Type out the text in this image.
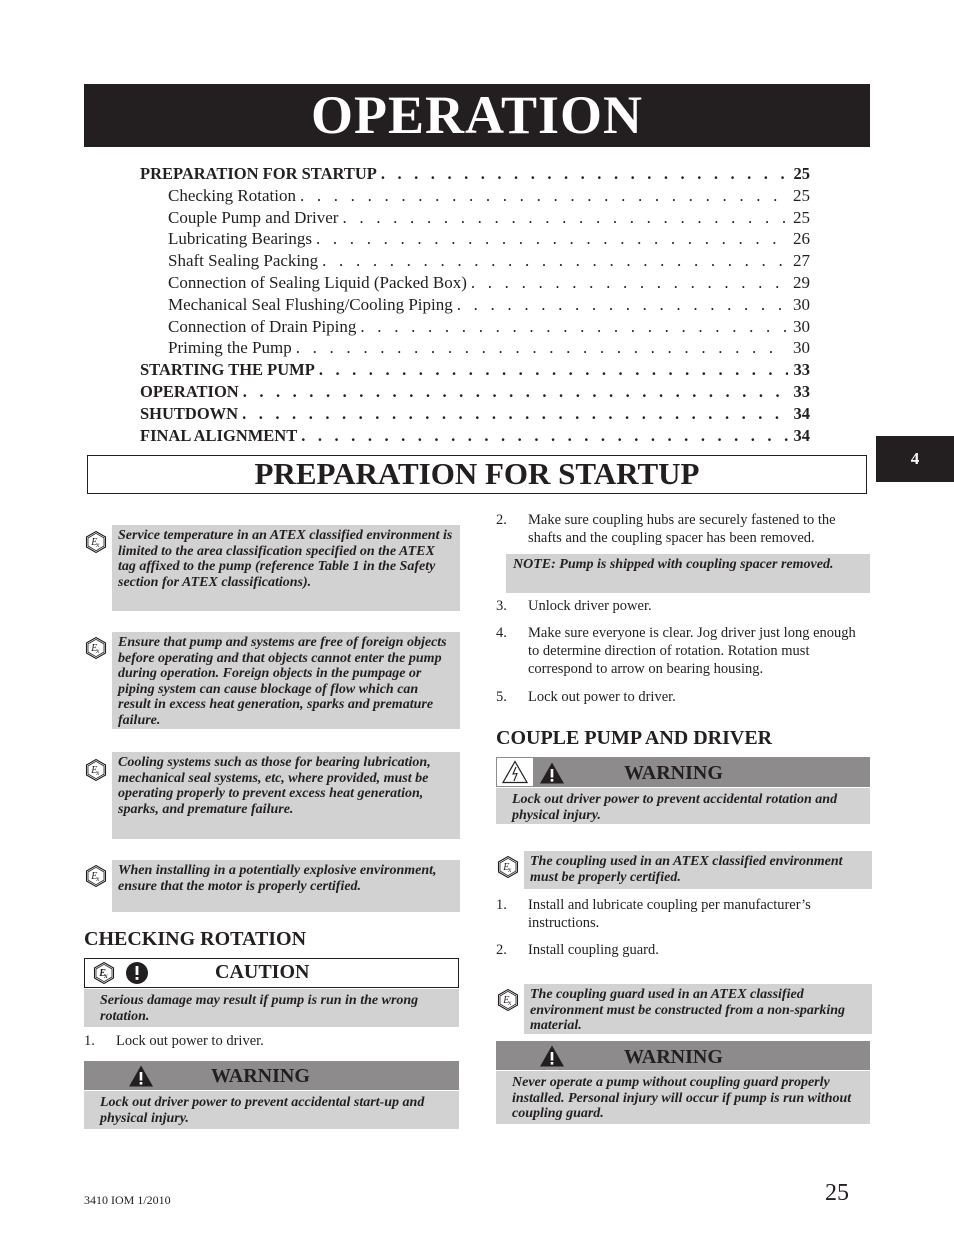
OPERATION
PREPARATION FOR STARTUP . . .	25
Checking Rotation . . .	25
Couple Pump and Driver . . .	25
Lubricating Bearings . . .	26
Shaft Sealing Packing . . .	27
Connection of Sealing Liquid (Packed Box) . . .	29
Mechanical Seal Flushing/Cooling Piping . . .	30
Connection of Drain Piping . . .	30
Priming the Pump . . .	30
STARTING THE PUMP . . .	33
OPERATION . . .	33
SHUTDOWN . . .	34
FINAL ALIGNMENT . . .	34
4
PREPARATION FOR STARTUP
Service temperature in an ATEX classified environment is limited to the area classification specified on the ATEX tag affixed to the pump (reference Table 1 in the Safety section for ATEX classifications).
Ensure that pump and systems are free of foreign objects before operating and that objects cannot enter the pump during operation. Foreign objects in the pumpage or piping system can cause blockage of flow which can result in excess heat generation, sparks and premature failure.
Cooling systems such as those for bearing lubrication, mechanical seal systems, etc, where provided, must be operating properly to prevent excess heat generation, sparks, and premature failure.
When installing in a potentially explosive environment, ensure that the motor is properly certified.
CHECKING ROTATION
CAUTION
Serious damage may result if pump is run in the wrong rotation.
1.	Lock out power to driver.
WARNING
Lock out driver power to prevent accidental start-up and physical injury.
2.	Make sure coupling hubs are securely fastened to the shafts and the coupling spacer has been removed.
NOTE: Pump is shipped with coupling spacer removed.
3.	Unlock driver power.
4.	Make sure everyone is clear. Jog driver just long enough to determine direction of rotation. Rotation must correspond to arrow on bearing housing.
5.	Lock out power to driver.
COUPLE PUMP AND DRIVER
WARNING
Lock out driver power to prevent accidental rotation and physical injury.
The coupling used in an ATEX classified environment must be properly certified.
1.	Install and lubricate coupling per manufacturer’s instructions.
2.	Install coupling guard.
The coupling guard used in an ATEX classified environment must be constructed from a non-sparking material.
WARNING
Never operate a pump without coupling guard properly installed. Personal injury will occur if pump is run without coupling guard.
3410 IOM 1/2010	25
